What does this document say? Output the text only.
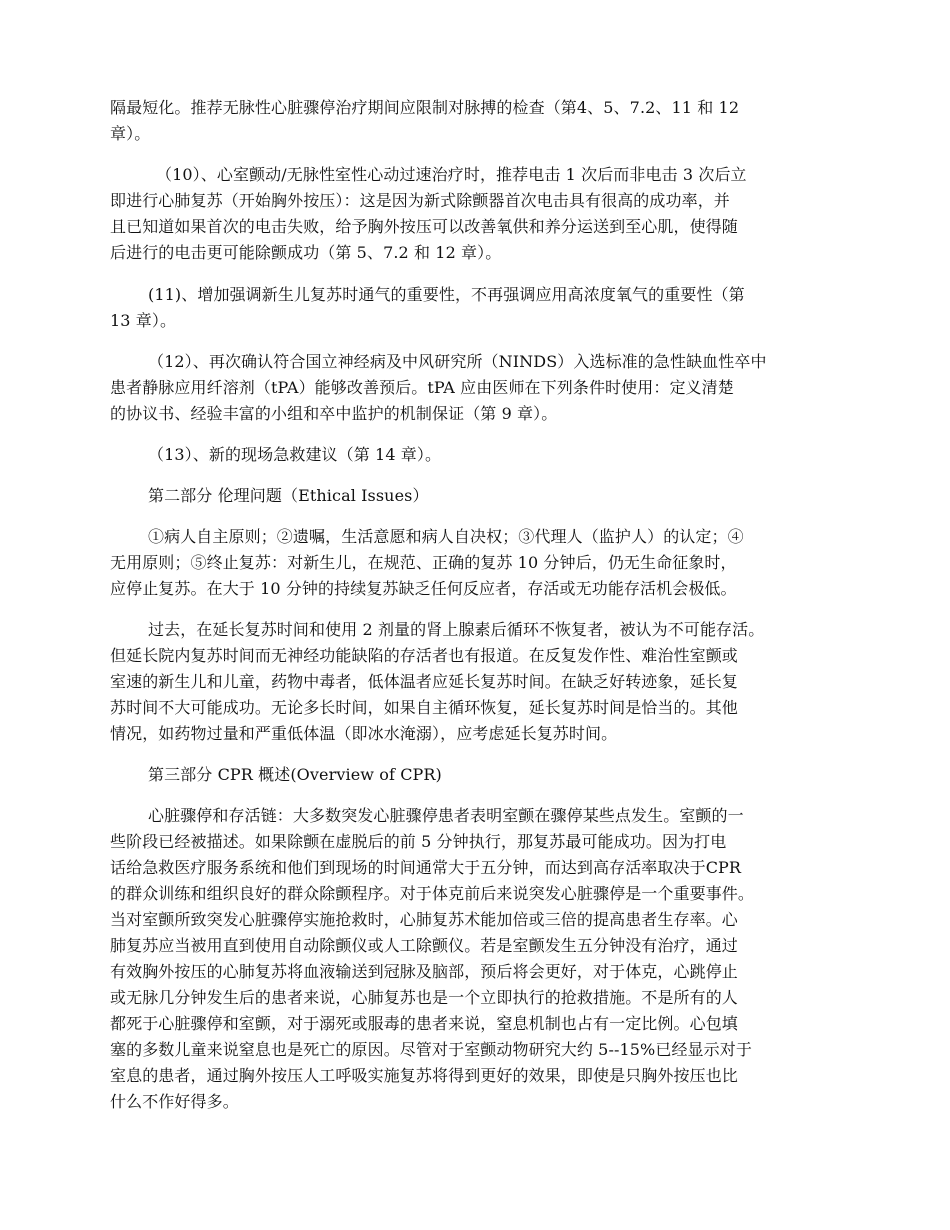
隔最短化。推荐无脉性心脏骤停治疗期间应限制对脉搏的检查（第4、5、7.2、11 和 12
章）。
（10）、心室颤动/无脉性室性心动过速治疗时，推荐电击 1 次后而非电击 3 次后立
即进行心肺复苏（开始胸外按压）：这是因为新式除颤器首次电击具有很高的成功率，并
且已知道如果首次的电击失败，给予胸外按压可以改善氧供和养分运送到至心肌，使得随
后进行的电击更可能除颤成功（第 5、7.2 和 12 章）。
(11)、增加强调新生儿复苏时通气的重要性，不再强调应用高浓度氧气的重要性（第
13 章）。
（12）、再次确认符合国立神经病及中风研究所（NINDS）入选标准的急性缺血性卒中
患者静脉应用纤溶剂（tPA）能够改善预后。tPA 应由医师在下列条件时使用：定义清楚
的协议书、经验丰富的小组和卒中监护的机制保证（第 9 章）。
（13）、新的现场急救建议（第 14 章）。
第二部分 伦理问题（Ethical Issues）
①病人自主原则；②遗嘱，生活意愿和病人自决权；③代理人（监护人）的认定；④
无用原则；⑤终止复苏：对新生儿，在规范、正确的复苏 10 分钟后，仍无生命征象时，
应停止复苏。在大于 10 分钟的持续复苏缺乏任何反应者，存活或无功能存活机会极低。
过去，在延长复苏时间和使用 2 剂量的肾上腺素后循环不恢复者，被认为不可能存活。
但延长院内复苏时间而无神经功能缺陷的存活者也有报道。在反复发作性、难治性室颤或
室速的新生儿和儿童，药物中毒者，低体温者应延长复苏时间。在缺乏好转迹象，延长复
苏时间不大可能成功。无论多长时间，如果自主循环恢复，延长复苏时间是恰当的。其他
情况，如药物过量和严重低体温（即冰水淹溺），应考虑延长复苏时间。
第三部分 CPR 概述(Overview of CPR)
心脏骤停和存活链：大多数突发心脏骤停患者表明室颤在骤停某些点发生。室颤的一
些阶段已经被描述。如果除颤在虚脱后的前 5 分钟执行，那复苏最可能成功。因为打电
话给急救医疗服务系统和他们到现场的时间通常大于五分钟，而达到高存活率取决于CPR
的群众训练和组织良好的群众除颤程序。对于体克前后来说突发心脏骤停是一个重要事件。
当对室颤所致突发心脏骤停实施抢救时，心肺复苏术能加倍或三倍的提高患者生存率。心
肺复苏应当被用直到使用自动除颤仪或人工除颤仪。若是室颤发生五分钟没有治疗，通过
有效胸外按压的心肺复苏将血液输送到冠脉及脑部，预后将会更好，对于体克，心跳停止
或无脉几分钟发生后的患者来说，心肺复苏也是一个立即执行的抢救措施。不是所有的人
都死于心脏骤停和室颤，对于溺死或服毒的患者来说，窒息机制也占有一定比例。心包填
塞的多数儿童来说窒息也是死亡的原因。尽管对于室颤动物研究大约 5--15%已经显示对于
室息的患者，通过胸外按压人工呼吸实施复苏将得到更好的效果，即使是只胸外按压也比
什么不作好得多。
